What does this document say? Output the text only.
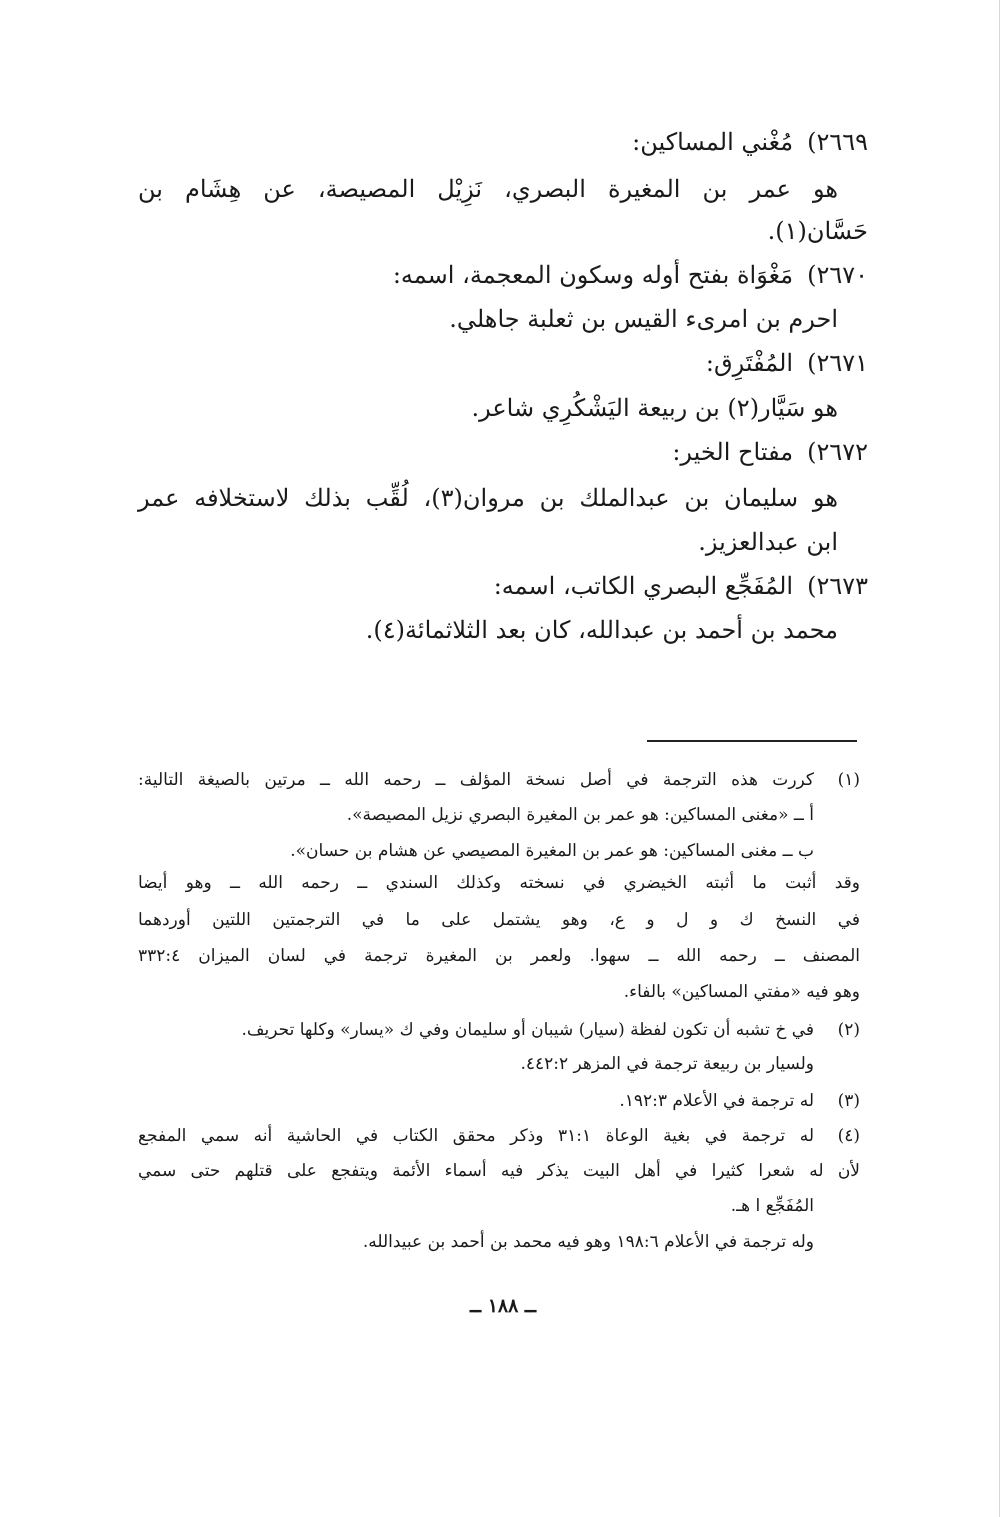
٢٦٦٩)مُغْني المساكين:
هو عمر بن المغيرة البصري، نَزِيْل المصيصة، عن هِشَام بن
حَسَّان(١).
٢٦٧٠)مَغْوَاة بفتح أوله وسكون المعجمة، اسمه:
احرم بن امرىء القيس بن ثعلبة جاهلي.
٢٦٧١)المُفْتَرِق:
هو سَيَّار(٢) بن ربيعة اليَشْكُرِي شاعر.
٢٦٧٢)مفتاح الخير:
هو سليمان بن عبدالملك بن مروان(٣)، لُقِّب بذلك لاستخلافه عمر
ابن عبدالعزيز.
٢٦٧٣)المُفَجِّع البصري الكاتب، اسمه:
محمد بن أحمد بن عبدالله، كان بعد الثلاثمائة(٤).
(١)
كررت هذه الترجمة في أصل نسخة المؤلف ــ رحمه الله ــ مرتين بالصيغة التالية:
أ ــ «مغنى المساكين: هو عمر بن المغيرة البصري نزيل المصيصة».
ب ــ مغنى المساكين: هو عمر بن المغيرة المصيصي عن هشام بن حسان».
وقد أثبت ما أثبته الخيضري في نسخته وكذلك السندي ــ رحمه الله ــ وهو أيضا
في النسخ ك و ل و ع، وهو يشتمل على ما في الترجمتين اللتين أوردهما
المصنف ــ رحمه الله ــ سهوا. ولعمر بن المغيرة ترجمة في لسان الميزان ٣٣٢:٤
وهو فيه «مفتي المساكين» بالفاء.
(٢)
في خ تشبه أن تكون لفظة (سيار) شيبان أو سليمان وفي ك «يسار» وكلها تحريف.
ولسيار بن ربيعة ترجمة في المزهر ٤٤٢:٢.
(٣)
له ترجمة في الأعلام ١٩٢:٣.
(٤)
له ترجمة في بغية الوعاة ٣١:١ وذكر محقق الكتاب في الحاشية أنه سمي المفجع
لأن له شعرا كثيرا في أهل البيت يذكر فيه أسماء الأئمة ويتفجع على قتلهم حتى سمي
المُفَجِّع ا هـ.
وله ترجمة في الأعلام ١٩٨:٦ وهو فيه محمد بن أحمد بن عبيدالله.
ــ ١٨٨ ــ
